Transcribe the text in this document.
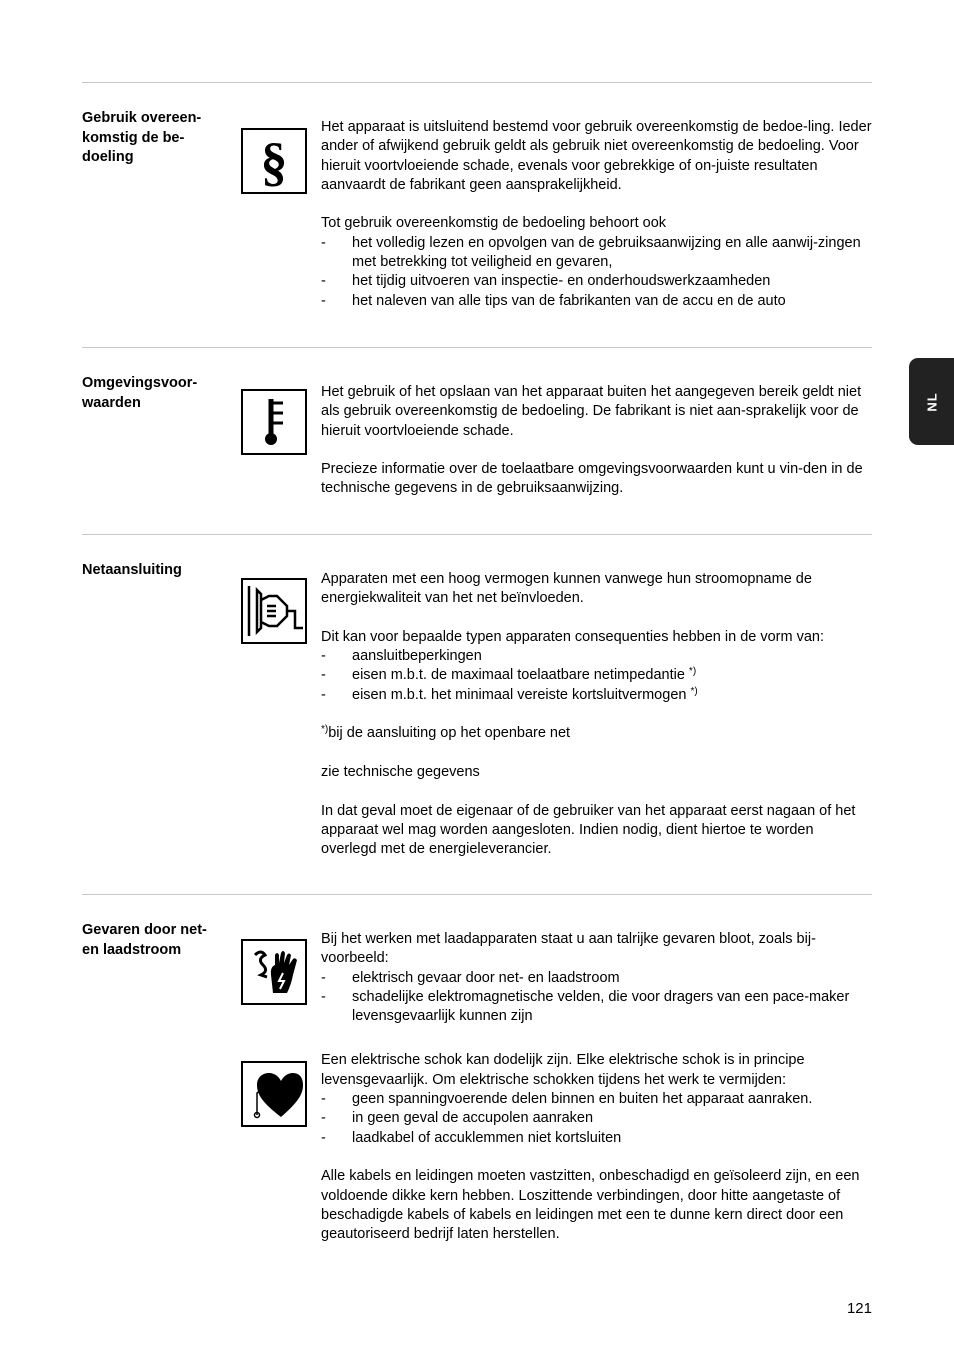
NL
Gebruik overeen-
komstig de be-
doeling	§

Het apparaat is uitsluitend bestemd voor gebruik overeenkomstig de bedoe-ling. Ieder ander of afwijkend gebruik geldt als gebruik niet overeenkomstig de bedoeling. Voor hieruit voortvloeiende schade, evenals voor gebrekkige of on-juiste resultaten aanvaardt de fabrikant geen aansprakelijkheid.

Tot gebruik overeenkomstig de bedoeling behoort ook

- het volledig lezen en opvolgen van de gebruiksaanwijzing en alle aanwij-zingen met betrekking tot veiligheid en gevaren,
- het tijdig uitvoeren van inspectie- en onderhoudswerkzaamheden
- het naleven van alle tips van de fabrikanten van de accu en de auto
Omgevingsvoor-
waarden

Het gebruik of het opslaan van het apparaat buiten het aangegeven bereik geldt niet als gebruik overeenkomstig de bedoeling. De fabrikant is niet aan-sprakelijk voor de hieruit voortvloeiende schade.

Precieze informatie over de toelaatbare omgevingsvoorwaarden kunt u vin-den in de technische gegevens in de gebruiksaanwijzing.

Netaansluiting

Apparaten met een hoog vermogen kunnen vanwege hun stroomopname de energiekwaliteit van het net beïnvloeden.

Dit kan voor bepaalde typen apparaten consequenties hebben in de vorm van:

- aansluitbeperkingen
- eisen m.b.t. de maximaal toelaatbare netimpedantie *)
- eisen m.b.t. het minimaal vereiste kortsluitvermogen *)

*)bij de aansluiting op het openbare net

zie technische gegevens

In dat geval moet de eigenaar of de gebruiker van het apparaat eerst nagaan of het apparaat wel mag worden aangesloten. Indien nodig, dient hiertoe te worden overlegd met de energieleverancier.

Gevaren door net-
en laadstroom

Bij het werken met laadapparaten staat u aan talrijke gevaren bloot, zoals bij-voorbeeld:

- elektrisch gevaar door net- en laadstroom
- schadelijke elektromagnetische velden, die voor dragers van een pace-maker levensgevaarlijk kunnen zijn

Een elektrische schok kan dodelijk zijn. Elke elektrische schok is in principe levensgevaarlijk. Om elektrische schokken tijdens het werk te vermijden:

- geen spanningvoerende delen binnen en buiten het apparaat aanraken.
- in geen geval de accupolen aanraken
- laadkabel of accuklemmen niet kortsluiten

Alle kabels en leidingen moeten vastzitten, onbeschadigd en geïsoleerd zijn, en een voldoende dikke kern hebben. Loszittende verbindingen, door hitte aangetaste of beschadigde kabels of kabels en leidingen met een te dunne kern direct door een geautoriseerd bedrijf laten herstellen.

121
